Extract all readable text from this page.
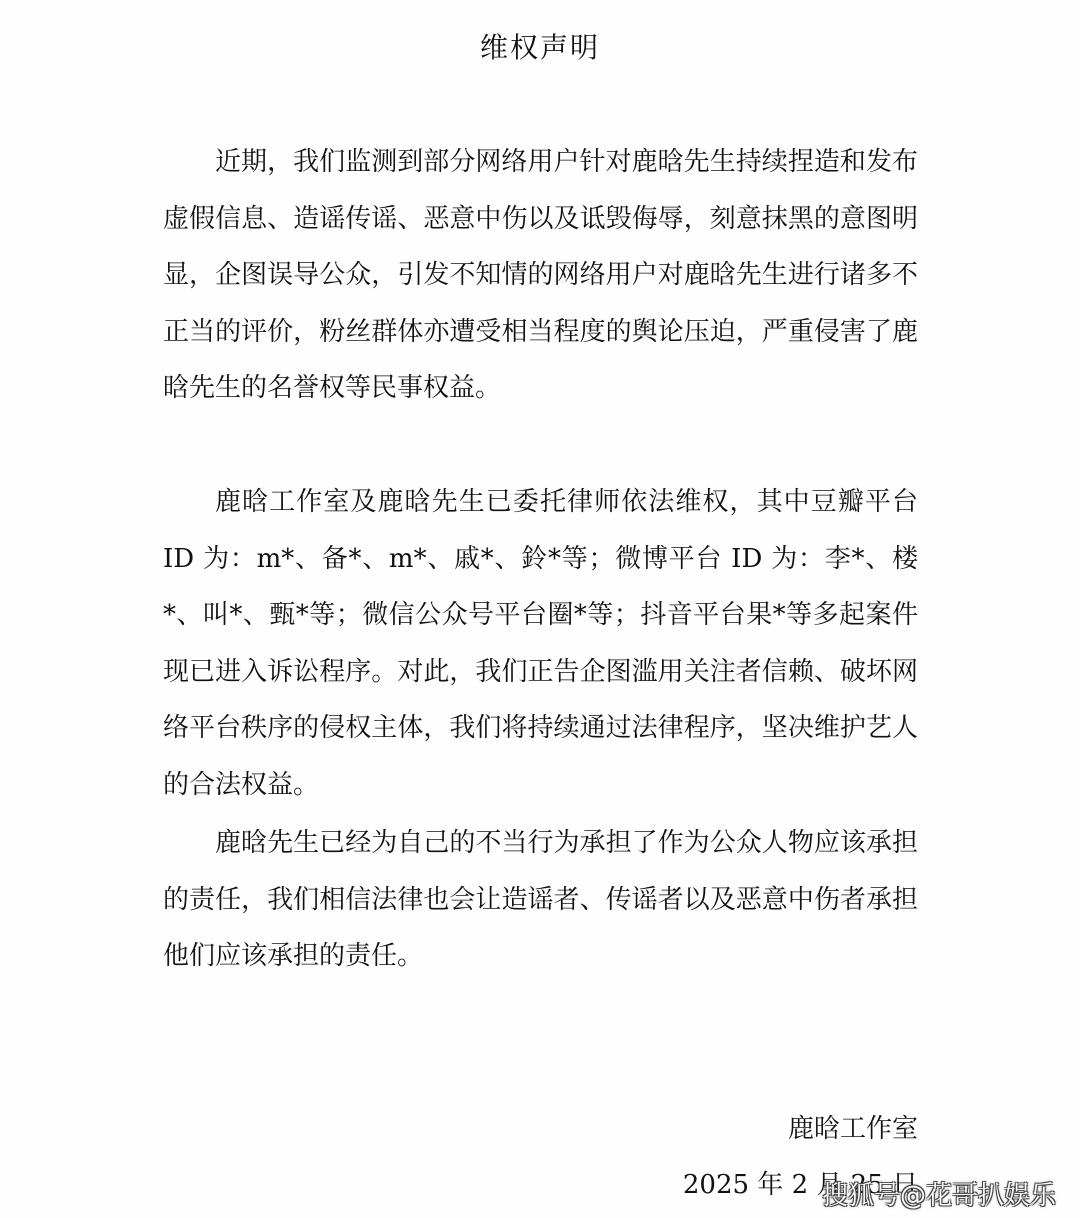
维权声明
近期，我们监测到部分网络用户针对鹿晗先生持续捏造和发布虚假信息、造谣传谣、恶意中伤以及诋毁侮辱，刻意抹黑的意图明显，企图误导公众，引发不知情的网络用户对鹿晗先生进行诸多不正当的评价，粉丝群体亦遭受相当程度的舆论压迫，严重侵害了鹿晗先生的名誉权等民事权益。
鹿晗工作室及鹿晗先生已委托律师依法维权，其中豆瓣平台 ID 为：m*、备*、m*、戚*、鈴*等；微博平台 ID 为：李*、楼*、叫*、甄*等；微信公众号平台圈*等；抖音平台果*等多起案件现已进入诉讼程序。对此，我们正告企图滥用关注者信赖、破坏网络平台秩序的侵权主体，我们将持续通过法律程序，坚决维护艺人的合法权益。
鹿晗先生已经为自己的不当行为承担了作为公众人物应该承担的责任，我们相信法律也会让造谣者、传谣者以及恶意中伤者承担他们应该承担的责任。
鹿晗工作室
2025 年 2 月 25 日
搜狐号@花哥扒娱乐
